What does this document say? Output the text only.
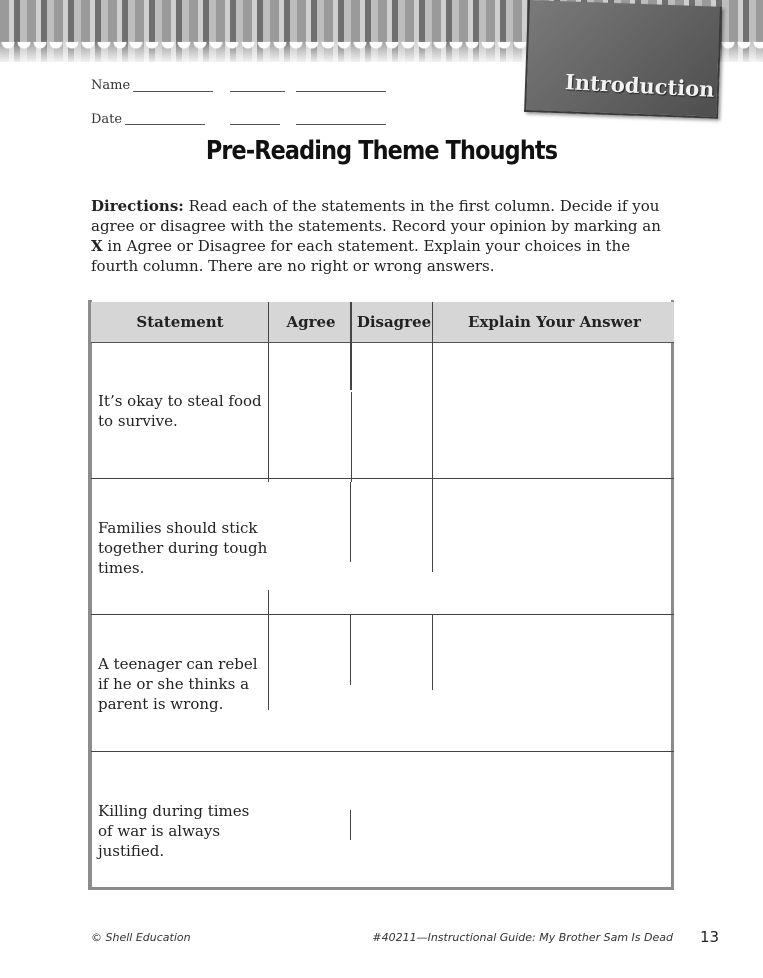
Introduction
Name
Date
Pre-Reading Theme Thoughts
Directions: Read each of the statements in the first column. Decide if you agree or disagree with the statements. Record your opinion by marking an X in Agree or Disagree for each statement. Explain your choices in the fourth column. There are no right or wrong answers.
Statement	Agree	Disagree	Explain Your Answer
It’s okay to steal food to survive.
Families should stick together during tough times.
A teenager can rebel if he or she thinks a parent is wrong.
Killing during times of war is always justified.
© Shell Education	#40211—Instructional Guide: My Brother Sam Is Dead 13
